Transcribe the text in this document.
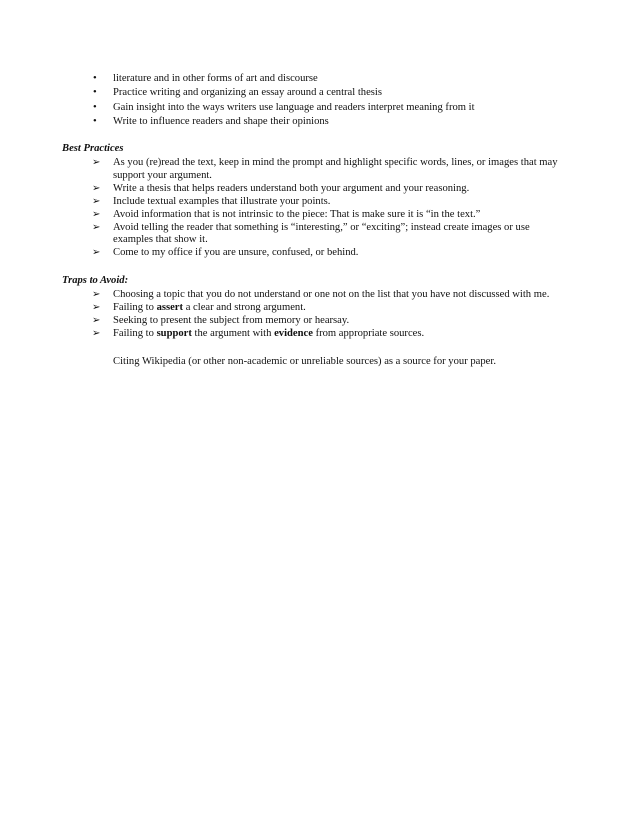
• literature and in other forms of art and discourse
• Practice writing and organizing an essay around a central thesis
• Gain insight into the ways writers use language and readers interpret meaning from it
• Write to influence readers and shape their opinions

Best Practices

➢ As you (re)read the text, keep in mind the prompt and highlight specific words, lines, or images that may support your argument.
➢ Write a thesis that helps readers understand both your argument and your reasoning.
➢ Include textual examples that illustrate your points.
➢ Avoid information that is not intrinsic to the piece: That is make sure it is “in the text.”
➢ Avoid telling the reader that something is “interesting,” or “exciting”; instead create images or use examples that show it.
➢ Come to my office if you are unsure, confused, or behind.

Traps to Avoid:

➢ Choosing a topic that you do not understand or one not on the list that you have not discussed with me.
➢ Failing to assert a clear and strong argument.
➢ Seeking to present the subject from memory or hearsay.
➢ Failing to support the argument with evidence from appropriate sources.

Citing Wikipedia (or other non-academic or unreliable sources) as a source for your paper.
